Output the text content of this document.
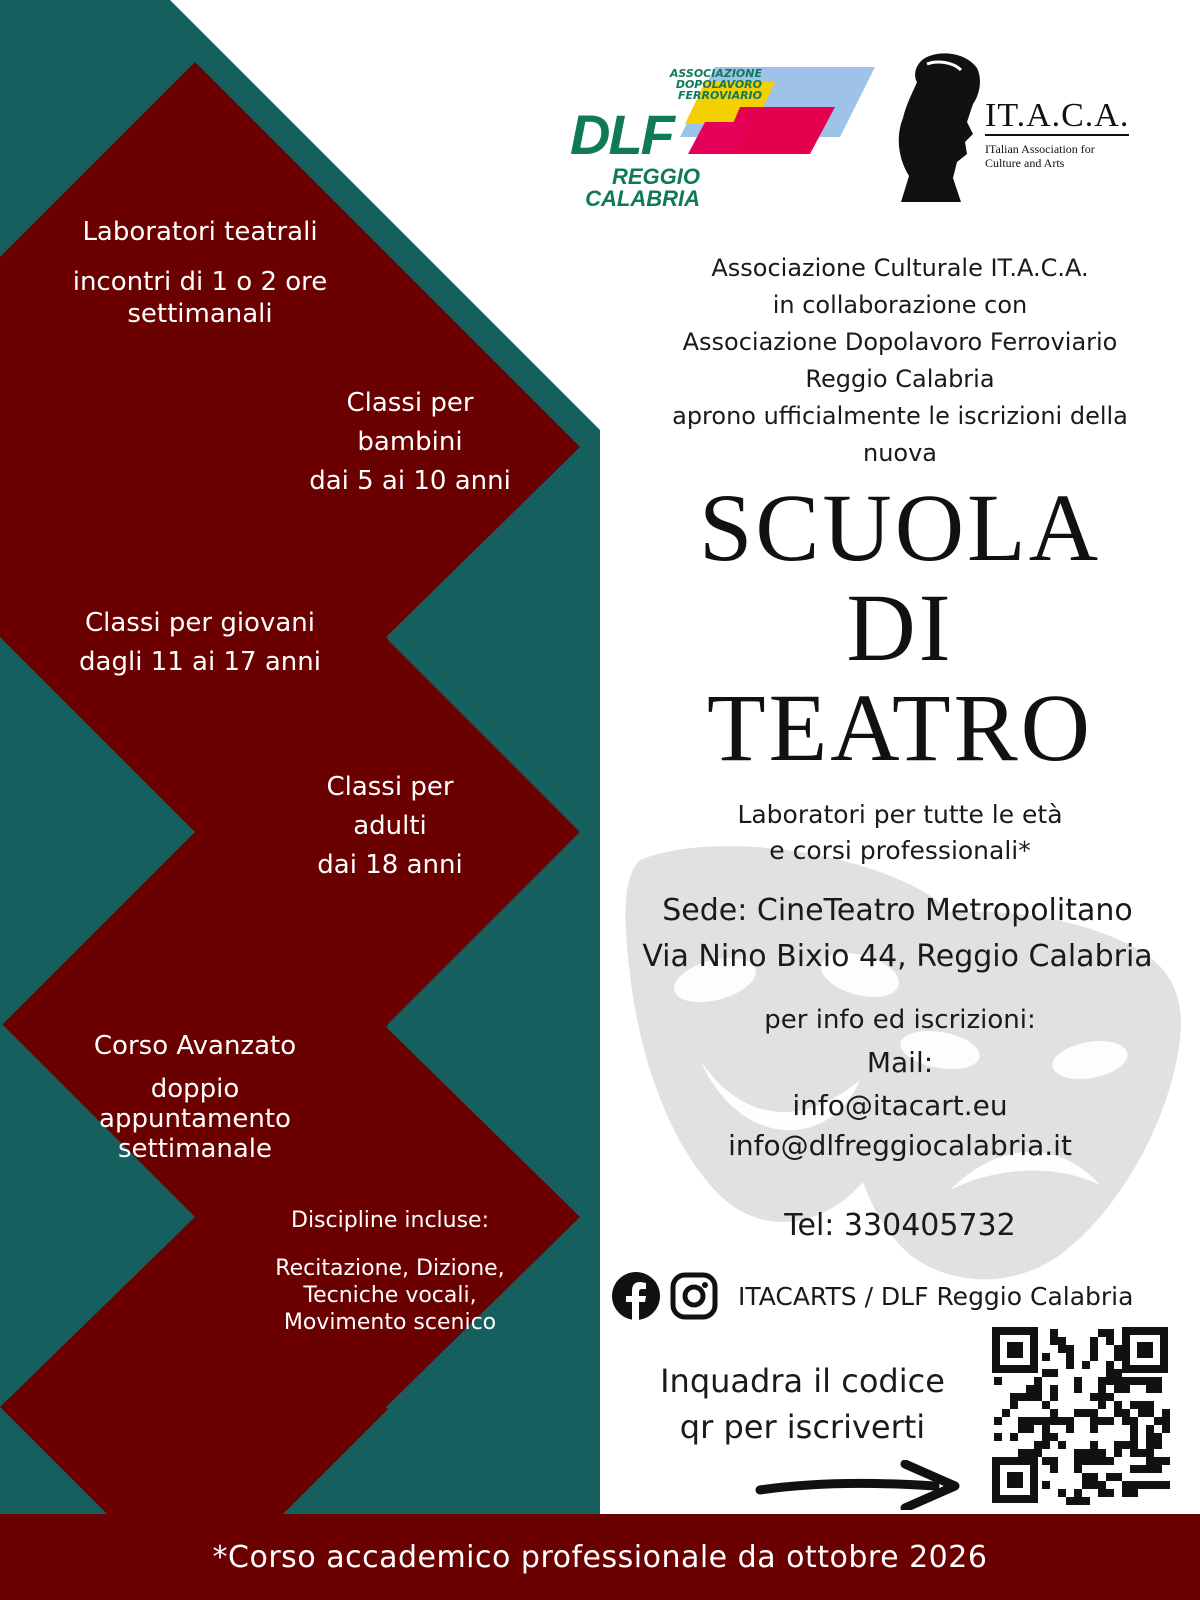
ASSOCIAZIONE
DOPOLAVORO
FERROVIARIO
DLF
REGGIO
CALABRIA
IT.A.C.A.
ITalian Association for
Culture and Arts
Laboratori teatrali
incontri di 1 o 2 ore
settimanali
Classi per
bambini
dai 5 ai 10 anni
Classi per giovani
dagli 11 ai 17 anni
Classi per
adulti
dai 18 anni
Corso Avanzato
doppio
appuntamento
settimanale
Discipline incluse:
Recitazione, Dizione,
Tecniche vocali,
Movimento scenico
Associazione Culturale IT.A.C.A.
in collaborazione con
Associazione Dopolavoro Ferroviario
Reggio Calabria
aprono ufficialmente le iscrizioni della
nuova
SCUOLA
DI
TEATRO
Laboratori per tutte le età
e corsi professionali*
Sede: CineTeatro Metropolitano
Via Nino Bixio 44, Reggio Calabria
per info ed iscrizioni:
Mail:
info@itacart.eu
info@dlfreggiocalabria.it
Tel: 330405732
ITACARTS / DLF Reggio Calabria
Inquadra il codice
qr per iscriverti
*Corso accademico professionale da ottobre 2026
